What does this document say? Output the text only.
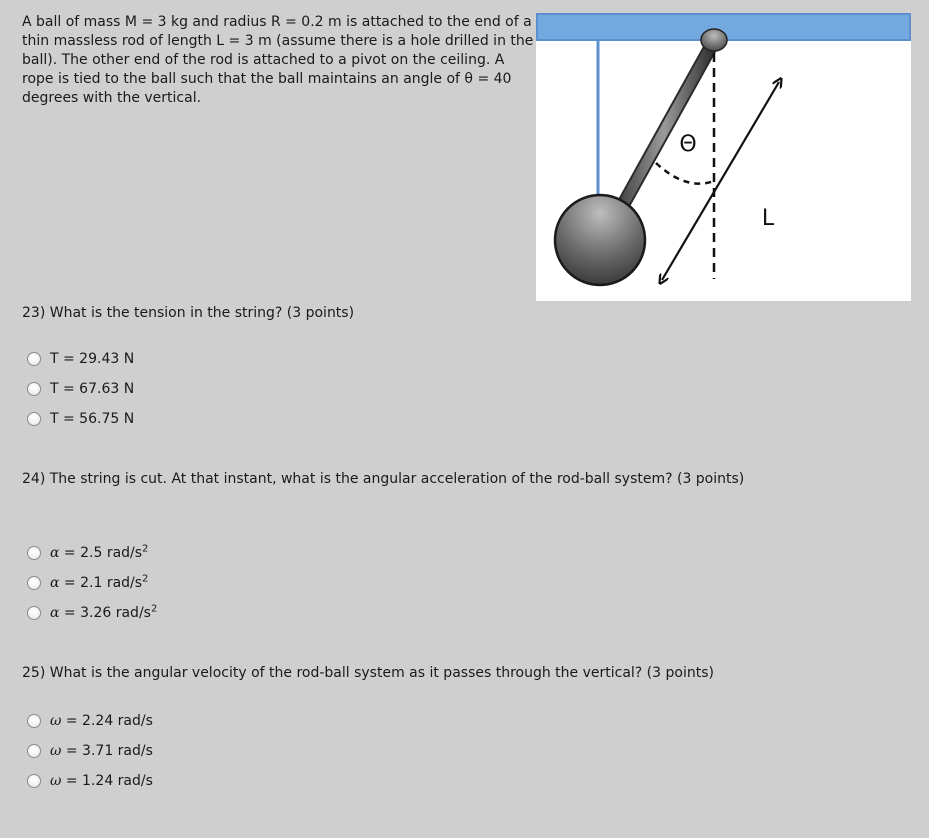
A ball of mass M = 3 kg and radius R = 0.2 m is attached to the end of a thin massless rod of length L = 3 m (assume there is a hole drilled in the ball). The other end of the rod is attached to a pivot on the ceiling. A rope is tied to the ball such that the ball maintains an angle of θ = 40 degrees with the vertical.

Θ
L

23) What is the tension in the string? (3 points)

T = 29.43 N
T = 67.63 N
T = 56.75 N

24) The string is cut. At that instant, what is the angular acceleration of the rod-ball system? (3 points)

α = 2.5 rad/$s^2$
α = 2.1 rad/$s^2$
α = 3.26 rad/$s^2$

25) What is the angular velocity of the rod-ball system as it passes through the vertical? (3 points)

ω = 2.24 rad/s
ω = 3.71 rad/s
ω = 1.24 rad/s
